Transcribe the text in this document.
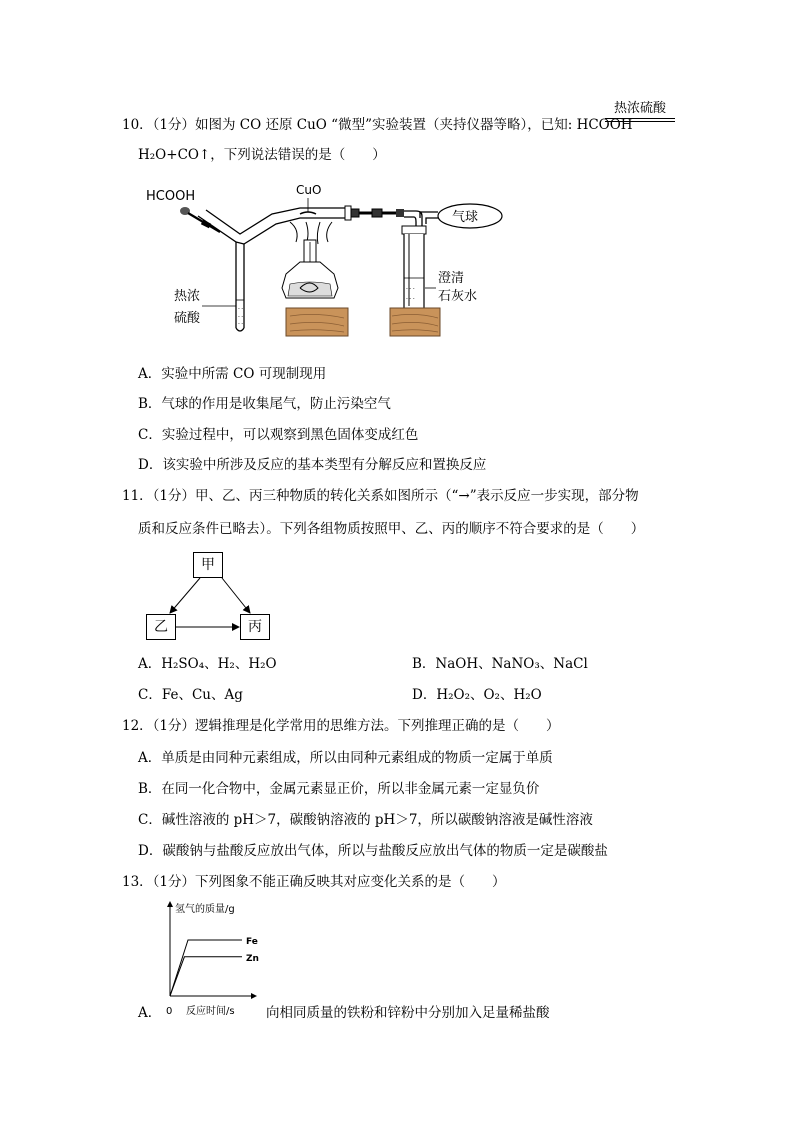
10．（1分）如图为 CO 还原 CuO “微型”实验装置（夹持仪器等略），已知: HCOOH
热浓硫酸
H₂O+CO↑，下列说法错误的是（　　）
HCOOH
- -
- -
- -
热浓
硫酸
CuO
- - -
- - -
气球
澄清
石灰水
A．实验中所需 CO 可现制现用
B．气球的作用是收集尾气，防止污染空气
C．实验过程中，可以观察到黑色固体变成红色
D．该实验中所涉及反应的基本类型有分解反应和置换反应
11．（1分）甲、乙、丙三种物质的转化关系如图所示（“→”表示反应一步实现，部分物
质和反应条件已略去）。下列各组物质按照甲、乙、丙的顺序不符合要求的是（　　）
甲
乙	丙
A．H₂SO₄、H₂、H₂O	B．NaOH、NaNO₃、NaCl
C．Fe、Cu、Ag	D．H₂O₂、O₂、H₂O
12．（1分）逻辑推理是化学常用的思维方法。下列推理正确的是（　　）
A．单质是由同种元素组成，所以由同种元素组成的物质一定属于单质
B．在同一化合物中，金属元素显正价，所以非金属元素一定显负价
C．碱性溶液的 pH＞7，碳酸钠溶液的 pH＞7，所以碳酸钠溶液是碱性溶液
D．碳酸钠与盐酸反应放出气体，所以与盐酸反应放出气体的物质一定是碳酸盐
13．（1分）下列图象不能正确反映其对应变化关系的是（　　）
A．
氢气的质量/g
反应时间/s
0
Fe
Zn
向相同质量的铁粉和锌粉中分别加入足量稀盐酸
